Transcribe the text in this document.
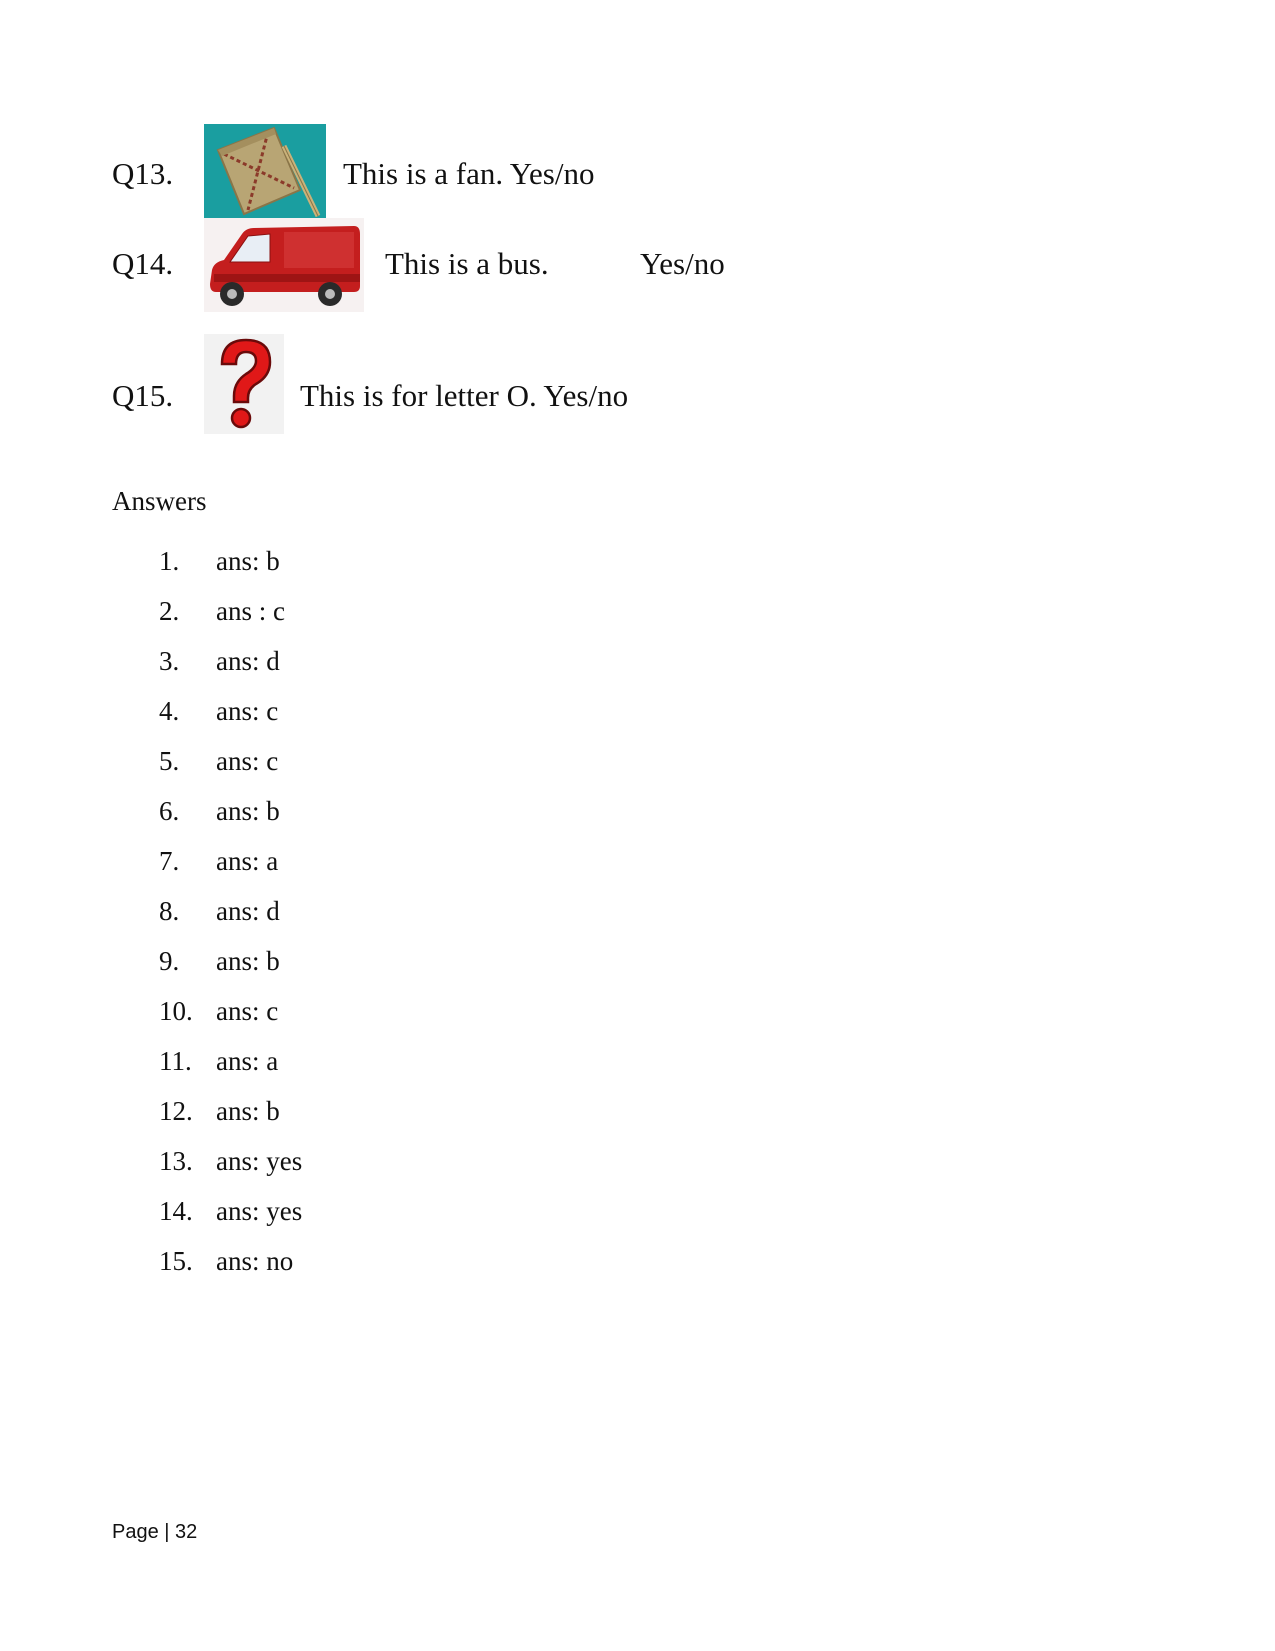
Q13.	This is a fan. Yes/no
Q14.	This is a bus.	Yes/no
Q15.	This is for letter O. Yes/no
Answers
1. ans: b
2. ans : c
3. ans: d
4. ans: c
5. ans: c
6. ans: b
7. ans: a
8. ans: d
9. ans: b
10. ans: c
11. ans: a
12. ans: b
13. ans: yes
14. ans: yes
15. ans: no
Page | 32
